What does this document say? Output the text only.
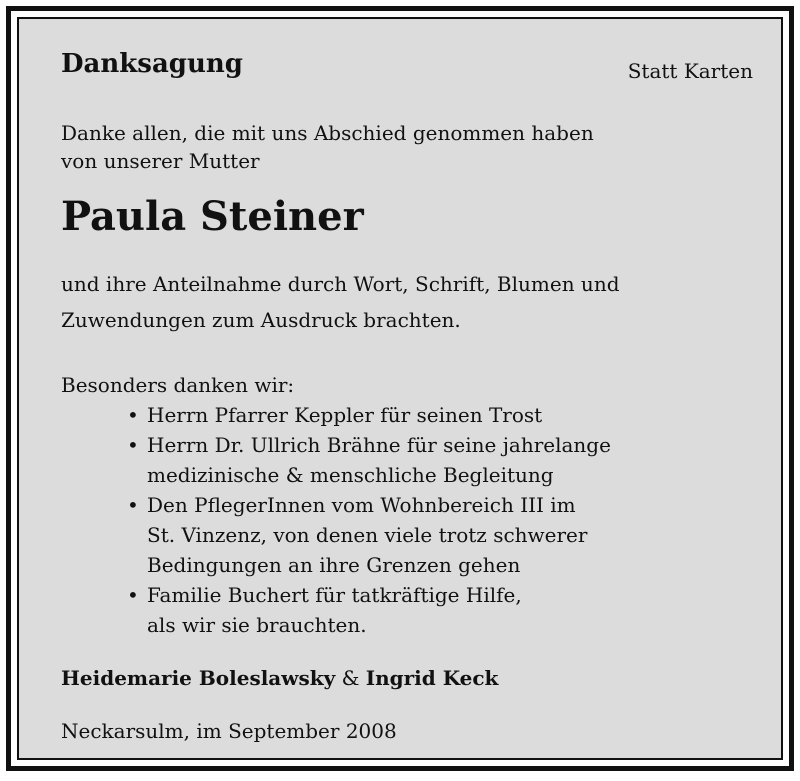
Danksagung	Statt Karten
Danke allen, die mit uns Abschied genommen haben
von unserer Mutter
Paula Steiner
und ihre Anteilnahme durch Wort, Schrift, Blumen und
Zuwendungen zum Ausdruck brachten.
Besonders danken wir:
• Herrn Pfarrer Keppler für seinen Trost
• Herrn Dr. Ullrich Brähne für seine jahrelange
medizinische & menschliche Begleitung
• Den PflegerInnen vom Wohnbereich III im
St. Vinzenz, von denen viele trotz schwerer
Bedingungen an ihre Grenzen gehen
• Familie Buchert für tatkräftige Hilfe,
als wir sie brauchten.
Heidemarie Boleslawsky & Ingrid Keck
Neckarsulm, im September 2008
